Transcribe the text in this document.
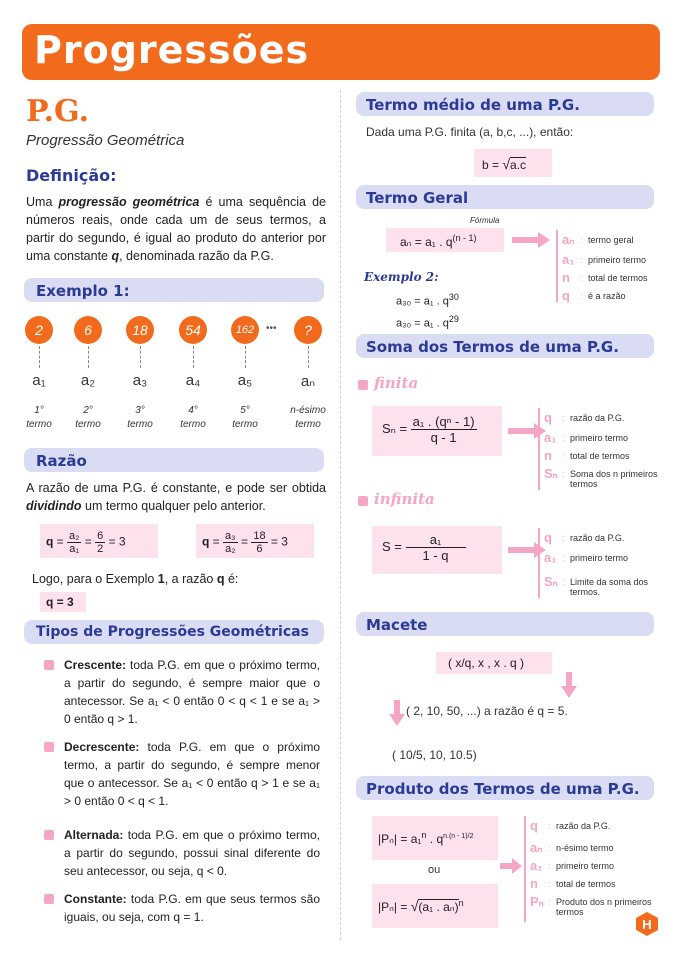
Progressões
P.G.
Progressão Geométrica
Definição:
Uma progressão geométrica é uma sequência de números reais, onde cada um de seus termos, a partir do segundo, é igual ao produto do anterior por uma constante q, denominada razão da P.G.
Exemplo 1:
2
a₁
1°
termo
6
a₂
2°
termo
18
a₃
3°
termo
54
a₄
4°
termo
162
a₅
5°
termo
?
aₙ
n-ésimo
termo
•••
Razão
A razão de uma P.G. é constante, e pode ser obtida dividindo um termo qualquer pelo anterior.
$q = \frac{\text{a₂}}{\text{a₁}} = \frac{6}{2} = 3$	$q = \frac{\text{a₃}}{\text{a₂}} = \frac{18}{6} = 3$
Logo, para o Exemplo 1, a razão q é:
q = 3
Tipos de Progressões Geométricas
Crescente: toda P.G. em que o próximo termo, a partir do segundo, é sempre maior que o antecessor. Se a₁ < 0 então 0 < q < 1 e se a₁ > 0 então q > 1.
Decrescente: toda P.G. em que o próximo termo, a partir do segundo, é sempre menor que o antecessor. Se a₁ < 0 então q > 1 e se a₁ > 0 então 0 < q < 1.
Alternada: toda P.G. em que o próximo termo, a partir do segundo, possui sinal diferente do seu antecessor, ou seja, q < 0.
Constante: toda P.G. em que seus termos são iguais, ou seja, com q = 1.
Termo médio de uma P.G.
Dada uma P.G. finita (a, b,c, ...), então:
b = √a.c
Termo Geral
Fórmula
aₙ = a₁ . $q^{(n - 1)}$	aₙ : termo geral
a₁ : primeiro termo
n : total de termos
q : é a razão
Exemplo 2:
a₃₀ = a₁ . $q^{30}$
a₃₀ = a₁ . $q^{29}$
Soma dos Termos de uma P.G.
finita
$S_n = \frac{\text{a₁ . (qⁿ - 1)}}{q - 1}$	q : razão da P.G.
a₁ : primeiro termo
n : total de termos
Sₙ : Soma dos n primeiros
termos
infinita
$S = \frac{\text{a₁}}{1 - q}$	q : razão da P.G.
a₁ : primeiro termo
Sₙ : Limite da soma dos
termos.
Macete
( x/q, x , x . q )
( 2, 10, 50, ...) a razão é q = 5.
( 10/5, 10, 10.5)
Produto dos Termos de uma P.G.
|Pₙ| = a₁$^n$ . $q^{n.(n - 1)/2}$
ou
|Pₙ| = √(a₁ . aₙ)$^n$
q : razão da P.G.
aₙ : n-ésimo termo
a₁ : primeiro termo
n : total de termos
Pₙ : Produto dos n primeiros
termos
H
